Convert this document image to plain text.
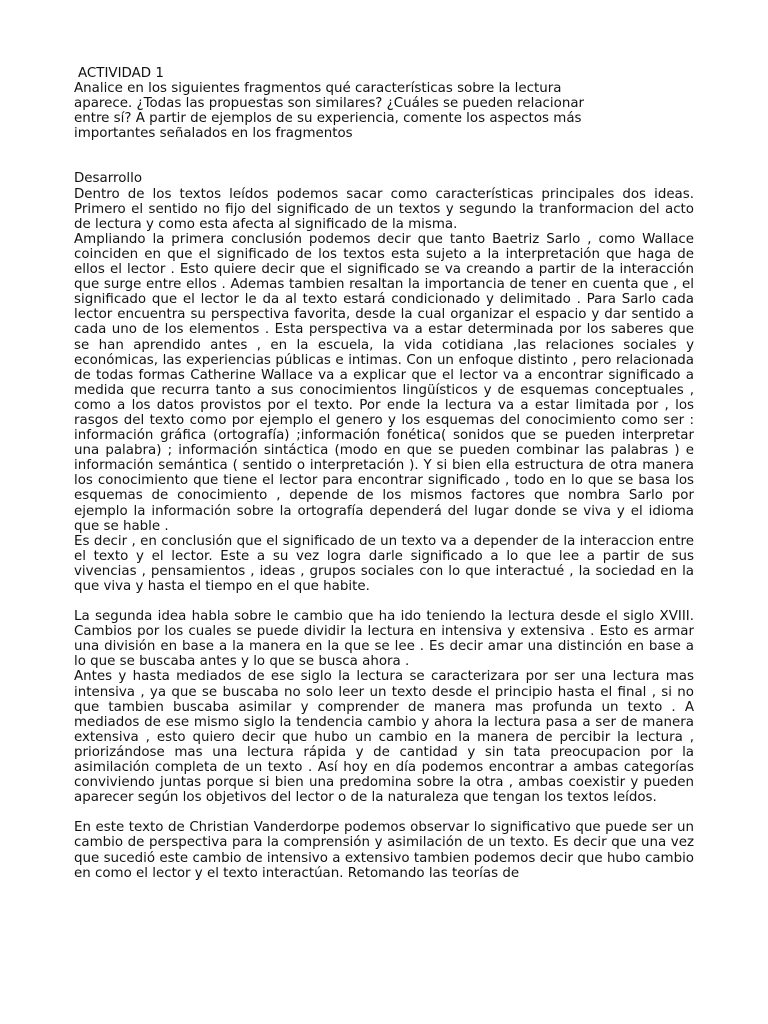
ACTIVIDAD 1

Analice en los siguientes fragmentos qué características sobre la lectura aparece. ¿Todas las propuestas son similares? ¿Cuáles se pueden relacionar entre sí? A partir de ejemplos de su experiencia, comente los aspectos más importantes señalados en los fragmentos

Desarrollo

Dentro de los textos leídos podemos sacar como características principales dos ideas. Primero el sentido no fijo del significado de un textos y segundo la tranformacion del acto de lectura y como esta afecta al significado de la misma.

Ampliando la primera conclusión podemos decir que tanto Baetriz Sarlo , como Wallace coinciden en que el significado de los textos esta sujeto a la interpretación que haga de ellos el lector . Esto quiere decir que el significado se va creando a partir de la interacción que surge entre ellos . Ademas tambien resaltan la importancia de tener en cuenta que , el significado que el lector le da al texto estará condicionado y delimitado . Para Sarlo cada lector encuentra su perspectiva favorita, desde la cual organizar el espacio y dar sentido a cada uno de los elementos . Esta perspectiva va a estar determinada por los saberes que se han aprendido antes , en la escuela, la vida cotidiana ,las relaciones sociales y económicas, las experiencias públicas e intimas. Con un enfoque distinto , pero relacionada de todas formas Catherine Wallace va a explicar que el lector va a encontrar significado a medida que recurra tanto a sus conocimientos lingüísticos y de esquemas conceptuales , como a los datos provistos por el texto. Por ende la lectura va a estar limitada por , los rasgos del texto como por ejemplo el genero y los esquemas del conocimiento como ser : información gráfica (ortografía) ;información fonética( sonidos que se pueden interpretar una palabra) ; información sintáctica (modo en que se pueden combinar las palabras ) e información semántica ( sentido o interpretación ). Y si bien ella estructura de otra manera los conocimiento que tiene el lector para encontrar significado , todo en lo que se basa los esquemas de conocimiento , depende de los mismos factores que nombra Sarlo por ejemplo la información sobre la ortografía dependerá del lugar donde se viva y el idioma que se hable .

Es decir , en conclusión que el significado de un texto va a depender de la interaccion entre el texto y el lector. Este a su vez logra darle significado a lo que lee a partir de sus vivencias , pensamientos , ideas , grupos sociales con lo que interactué , la sociedad en la que viva y hasta el tiempo en el que habite.

La segunda idea habla sobre le cambio que ha ido teniendo la lectura desde el siglo XVIII. Cambios por los cuales se puede dividir la lectura en intensiva y extensiva . Esto es armar una división en base a la manera en la que se lee . Es decir amar una distinción en base a lo que se buscaba antes y lo que se busca ahora .

Antes y hasta mediados de ese siglo la lectura se caracterizara por ser una lectura mas intensiva , ya que se buscaba no solo leer un texto desde el principio hasta el final , si no que tambien buscaba asimilar y comprender de manera mas profunda un texto . A mediados de ese mismo siglo la tendencia cambio y ahora la lectura pasa a ser de manera extensiva , esto quiero decir que hubo un cambio en la manera de percibir la lectura , priorizándose mas una lectura rápida y de cantidad y sin tata preocupacion por la asimilación completa de un texto . Así hoy en día podemos encontrar a ambas categorías conviviendo juntas porque si bien una predomina sobre la otra , ambas coexistir y pueden aparecer según los objetivos del lector o de la naturaleza que tengan los textos leídos.

En este texto de Christian Vanderdorpe podemos observar lo significativo que puede ser un cambio de perspectiva para la comprensión y asimilación de un texto. Es decir que una vez que sucedió este cambio de intensivo a extensivo tambien podemos decir que hubo cambio en como el lector y el texto interactúan. Retomando las teorías de
